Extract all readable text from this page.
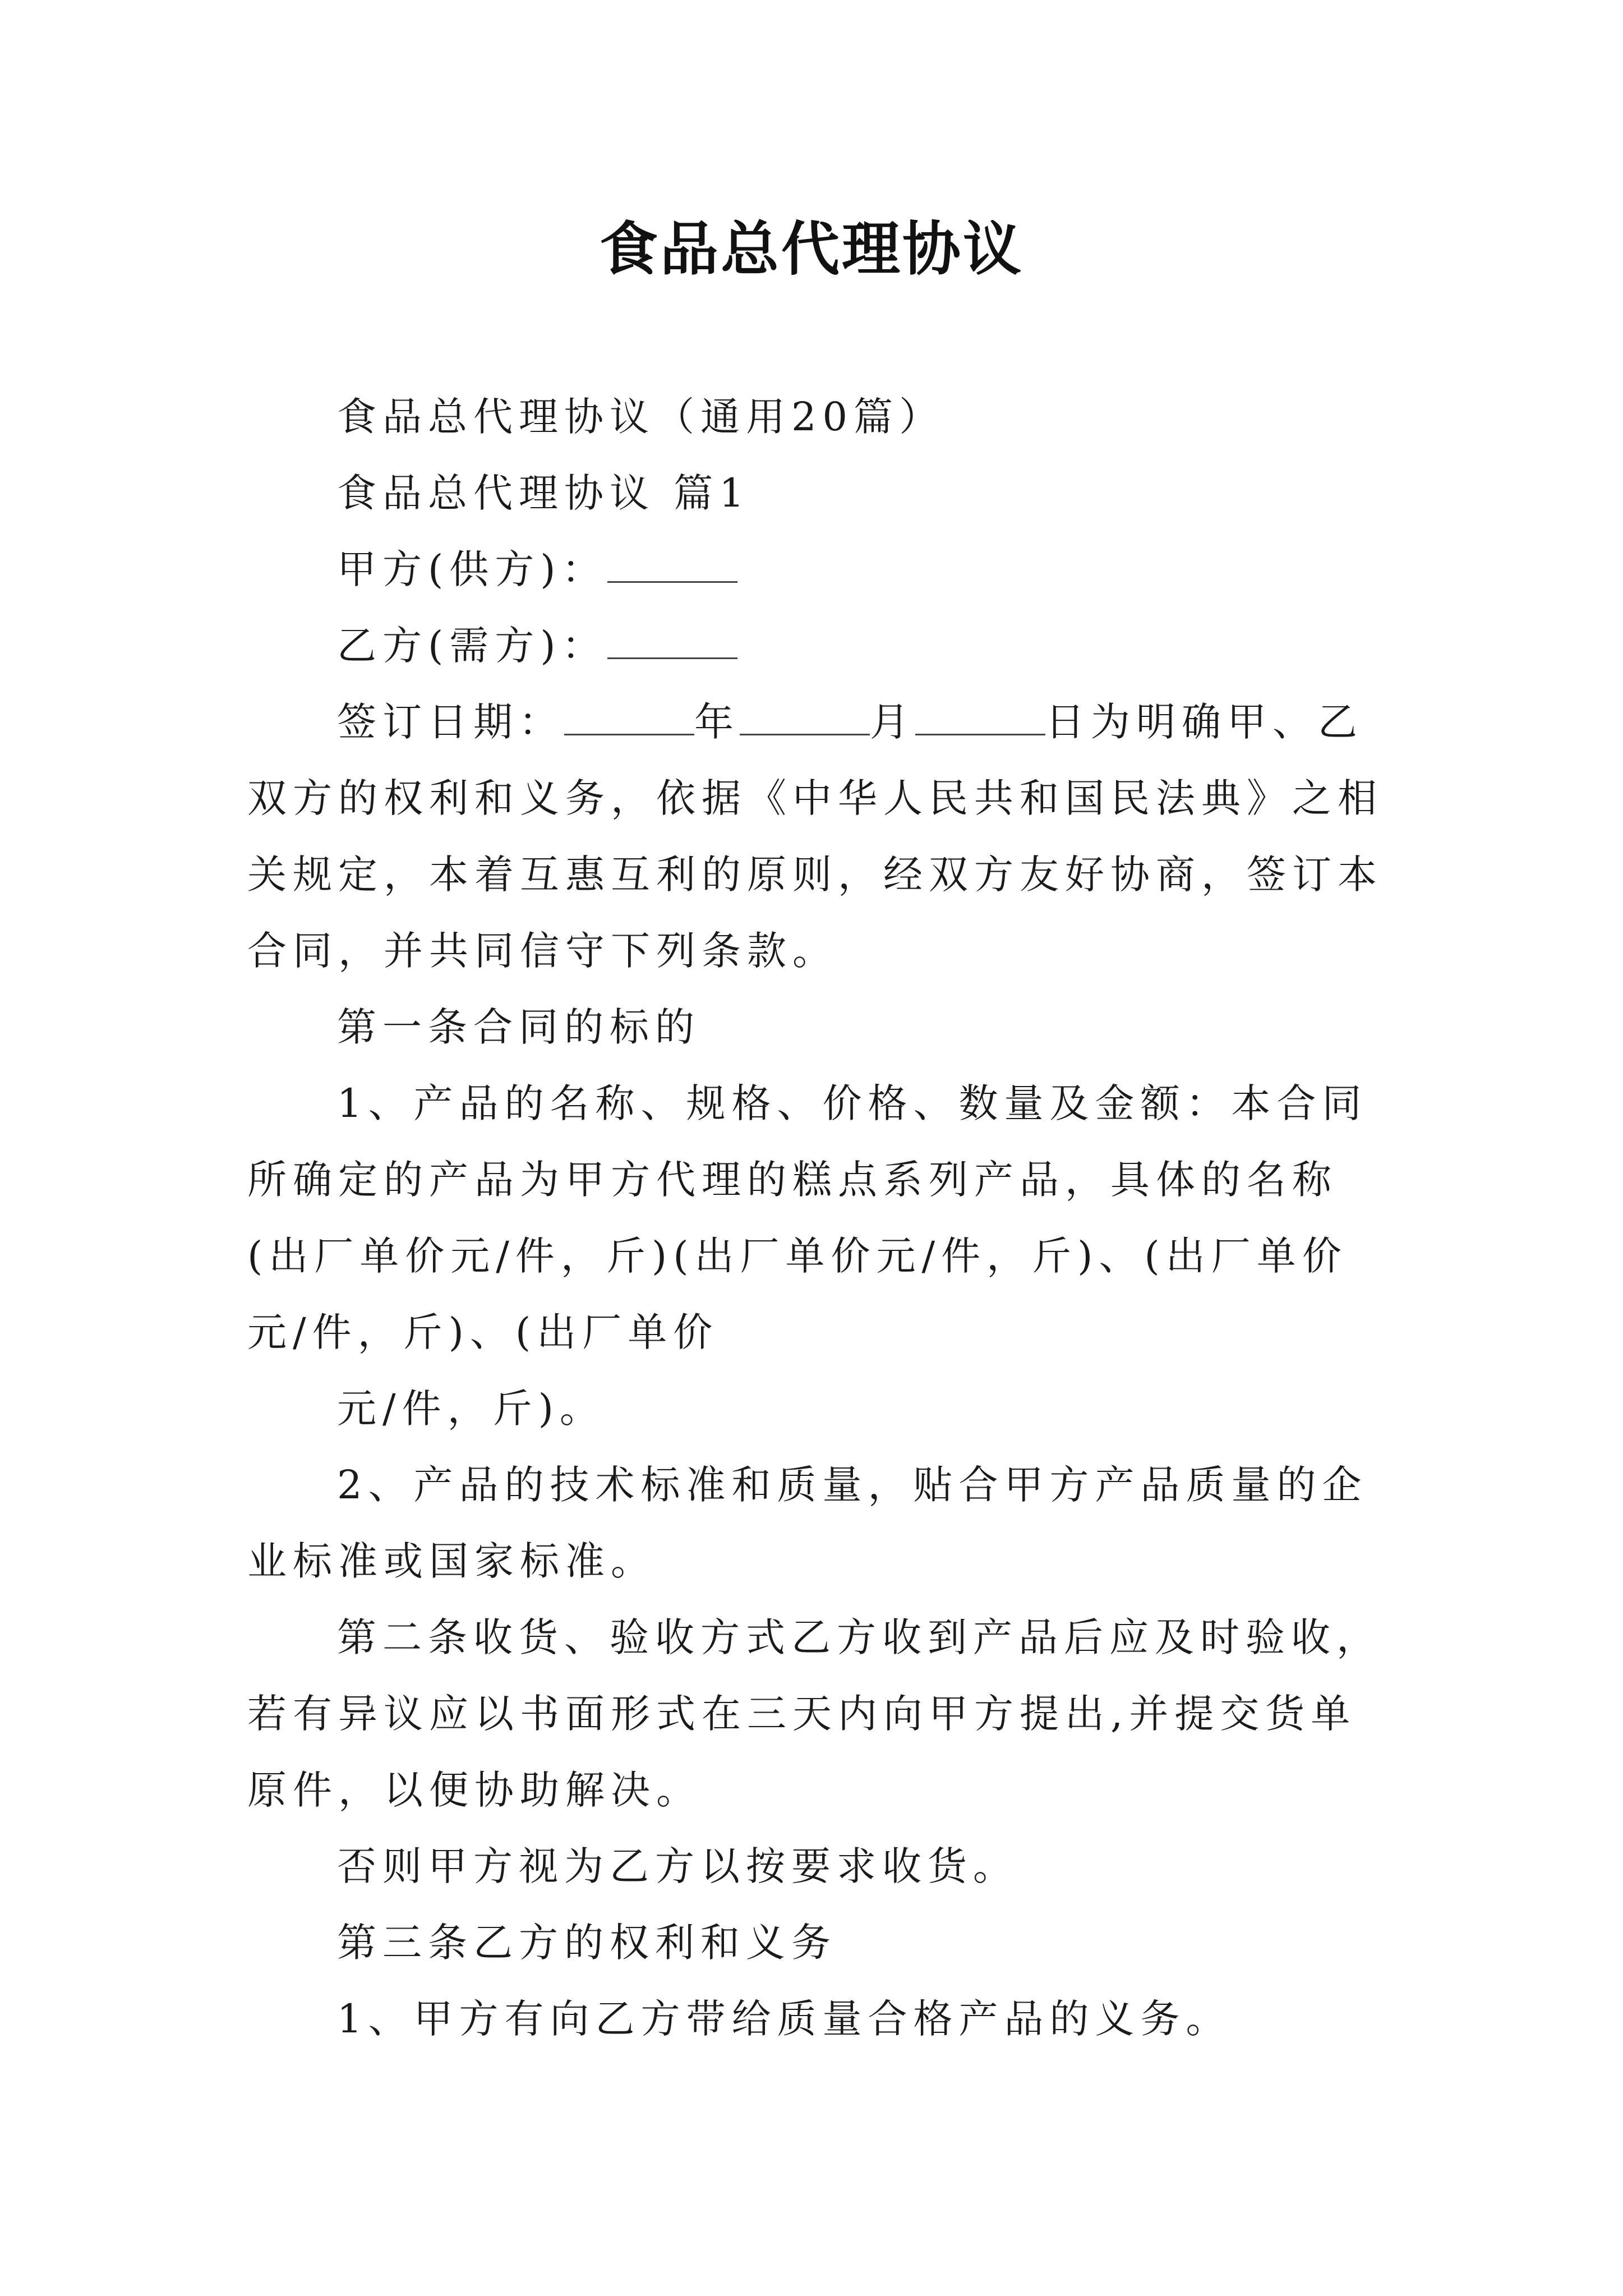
食品总代理协议

食品总代理协议（通用20篇）

食品总代理协议 篇1

甲方(供方)：

乙方(需方)：

签订日期：	年	月	日为明确甲、乙双方的权利和义务，依据《中华人民共和国民法典》之相关规定，本着互惠互利的原则，经双方友好协商，签订本合同，并共同信守下列条款。

第一条合同的标的

1、产品的名称、规格、价格、数量及金额：本合同所确定的产品为甲方代理的糕点系列产品，具体的名称(出厂单价元/件，斤)(出厂单价元/件，斤)、(出厂单价元/件，斤)、(出厂单价

元/件，斤)。

2、产品的技术标准和质量，贴合甲方产品质量的企业标准或国家标准。

第二条收货、验收方式乙方收到产品后应及时验收，若有异议应以书面形式在三天内向甲方提出,并提交货单原件，以便协助解决。

否则甲方视为乙方以按要求收货。

第三条乙方的权利和义务

1、甲方有向乙方带给质量合格产品的义务。
